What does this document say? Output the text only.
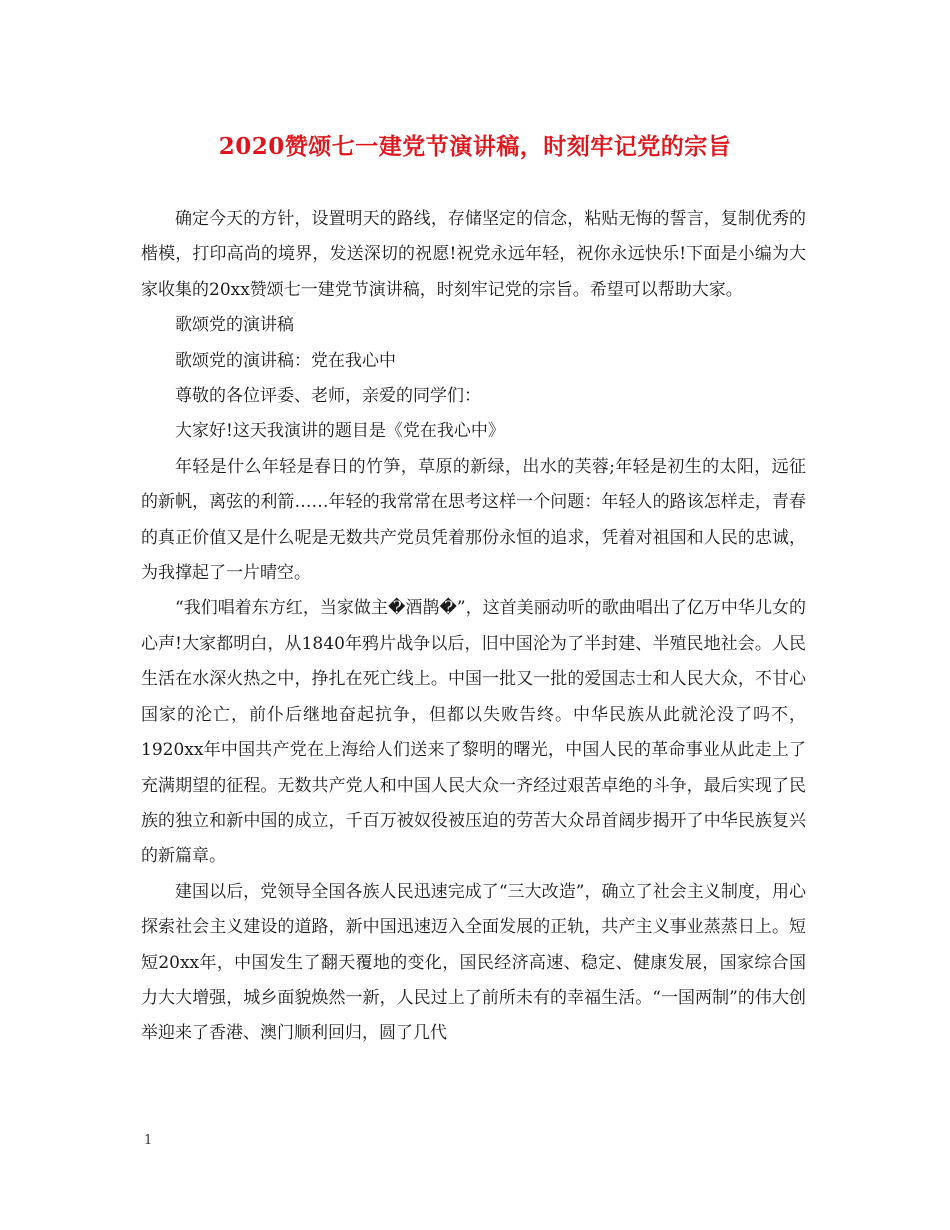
2020赞颂七一建党节演讲稿，时刻牢记党的宗旨

确定今天的方针，设置明天的路线，存储坚定的信念，粘贴无悔的誓言，复制优秀的楷模，打印高尚的境界，发送深切的祝愿!祝党永远年轻，祝你永远快乐!下面是小编为大家收集的20xx赞颂七一建党节演讲稿，时刻牢记党的宗旨。希望可以帮助大家。

歌颂党的演讲稿

歌颂党的演讲稿：党在我心中

尊敬的各位评委、老师，亲爱的同学们：

大家好!这天我演讲的题目是《党在我心中》

年轻是什么年轻是春日的竹笋，草原的新绿，出水的芙蓉;年轻是初生的太阳，远征的新帆，离弦的利箭……年轻的我常常在思考这样一个问题：年轻人的路该怎样走，青春的真正价值又是什么呢是无数共产党员凭着那份永恒的追求，凭着对祖国和人民的忠诚，为我撑起了一片晴空。

“我们唱着东方红，当家做主�酒鹊�”，这首美丽动听的歌曲唱出了亿万中华儿女的心声!大家都明白，从1840年鸦片战争以后，旧中国沦为了半封建、半殖民地社会。人民生活在水深火热之中，挣扎在死亡线上。中国一批又一批的爱国志士和人民大众，不甘心国家的沦亡，前仆后继地奋起抗争，但都以失败告终。中华民族从此就沦没了吗不，1920xx年中国共产党在上海给人们送来了黎明的曙光，中国人民的革命事业从此走上了充满期望的征程。无数共产党人和中国人民大众一齐经过艰苦卓绝的斗争，最后实现了民族的独立和新中国的成立，千百万被奴役被压迫的劳苦大众昂首阔步揭开了中华民族复兴的新篇章。

建国以后，党领导全国各族人民迅速完成了“三大改造”，确立了社会主义制度，用心探索社会主义建设的道路，新中国迅速迈入全面发展的正轨，共产主义事业蒸蒸日上。短短20xx年，中国发生了翻天覆地的变化，国民经济高速、稳定、健康发展，国家综合国力大大增强，城乡面貌焕然一新，人民过上了前所未有的幸福生活。“一国两制”的伟大创举迎来了香港、澳门顺利回归，圆了几代

1
